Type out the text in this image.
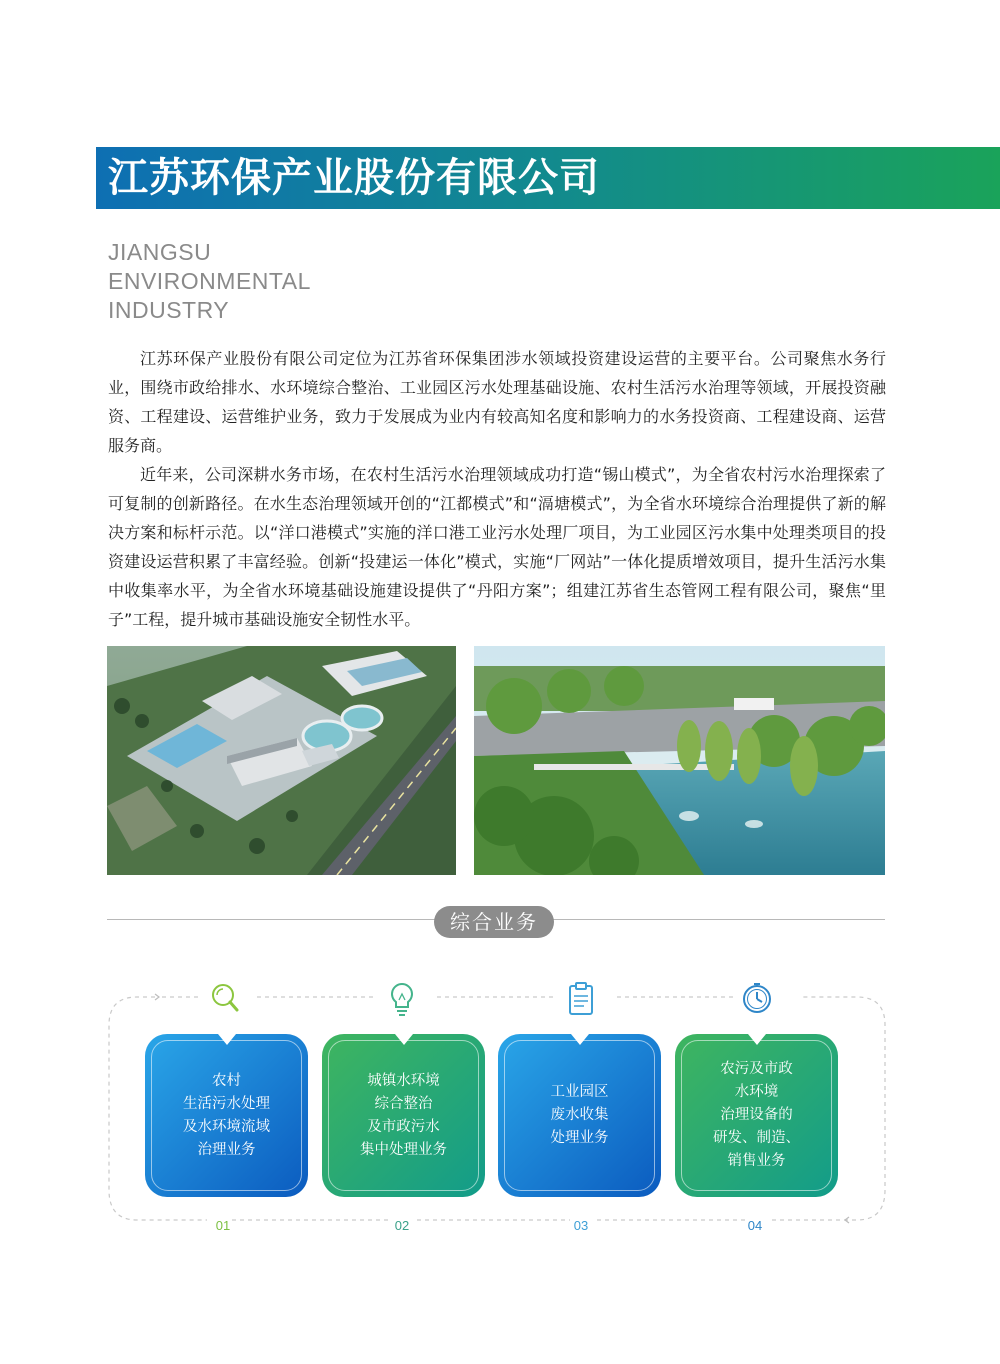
江苏环保产业股份有限公司
JIANGSU
ENVIRONMENTAL
INDUSTRY

江苏环保产业股份有限公司定位为江苏省环保集团涉水领域投资建设运营的主要平台。公司聚焦水务行业，围绕市政给排水、水环境综合整治、工业园区污水处理基础设施、农村生活污水治理等领域，开展投资融资、工程建设、运营维护业务，致力于发展成为业内有较高知名度和影响力的水务投资商、工程建设商、运营服务商。

近年来，公司深耕水务市场，在农村生活污水治理领域成功打造“锡山模式”，为全省农村污水治理探索了可复制的创新路径。在水生态治理领域开创的“江都模式”和“滆塘模式”，为全省水环境综合治理提供了新的解决方案和标杆示范。以“洋口港模式”实施的洋口港工业污水处理厂项目，为工业园区污水集中处理类项目的投资建设运营积累了丰富经验。创新“投建运一体化”模式，实施“厂网站”一体化提质增效项目，提升生活污水集中收集率水平，为全省水环境基础设施建设提供了“丹阳方案”；组建江苏省生态管网工程有限公司，聚焦“里子”工程，提升城市基础设施安全韧性水平。

综合业务
农村
生活污水处理
及水环境流域
治理业务
城镇水环境
综合整治
及市政污水
集中处理业务
工业园区
废水收集
处理业务
农污及市政
水环境
治理设备的
研发、制造、
销售业务
01	02	03	04
